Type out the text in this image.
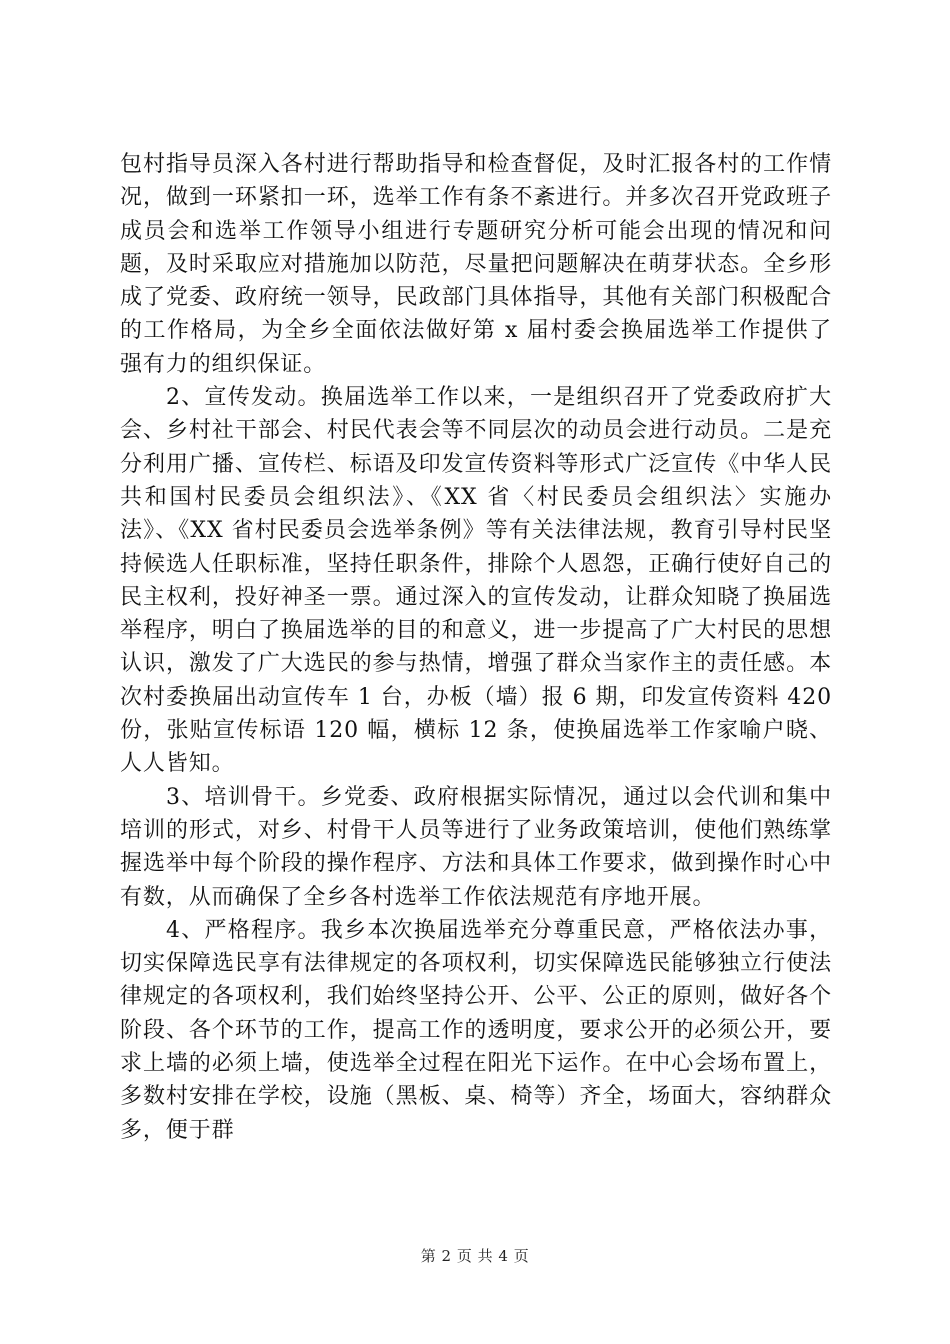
包村指导员深入各村进行帮助指导和检查督促，及时汇报各村的工作情况，做到一环紧扣一环，选举工作有条不紊进行。并多次召开党政班子成员会和选举工作领导小组进行专题研究分析可能会出现的情况和问题，及时采取应对措施加以防范，尽量把问题解决在萌芽状态。全乡形成了党委、政府统一领导，民政部门具体指导，其他有关部门积极配合的工作格局，为全乡全面依法做好第 x 届村委会换届选举工作提供了强有力的组织保证。

2、宣传发动。换届选举工作以来，一是组织召开了党委政府扩大会、乡村社干部会、村民代表会等不同层次的动员会进行动员。二是充分利用广播、宣传栏、标语及印发宣传资料等形式广泛宣传《中华人民共和国村民委员会组织法》、《XX 省〈村民委员会组织法〉实施办法》、《XX 省村民委员会选举条例》等有关法律法规，教育引导村民坚持候选人任职标准，坚持任职条件，排除个人恩怨，正确行使好自己的民主权利，投好神圣一票。通过深入的宣传发动，让群众知晓了换届选举程序，明白了换届选举的目的和意义，进一步提高了广大村民的思想认识，激发了广大选民的参与热情，增强了群众当家作主的责任感。本次村委换届出动宣传车 1 台，办板（墙）报 6 期，印发宣传资料 420 份，张贴宣传标语 120 幅，横标 12 条，使换届选举工作家喻户晓、人人皆知。

3、培训骨干。乡党委、政府根据实际情况，通过以会代训和集中培训的形式，对乡、村骨干人员等进行了业务政策培训，使他们熟练掌握选举中每个阶段的操作程序、方法和具体工作要求，做到操作时心中有数，从而确保了全乡各村选举工作依法规范有序地开展。

4、严格程序。我乡本次换届选举充分尊重民意，严格依法办事，切实保障选民享有法律规定的各项权利，切实保障选民能够独立行使法律规定的各项权利，我们始终坚持公开、公平、公正的原则，做好各个阶段、各个环节的工作，提高工作的透明度，要求公开的必须公开，要求上墙的必须上墙，使选举全过程在阳光下运作。在中心会场布置上，多数村安排在学校，设施（黑板、桌、椅等）齐全，场面大，容纳群众多，便于群

第 2 页 共 4 页
